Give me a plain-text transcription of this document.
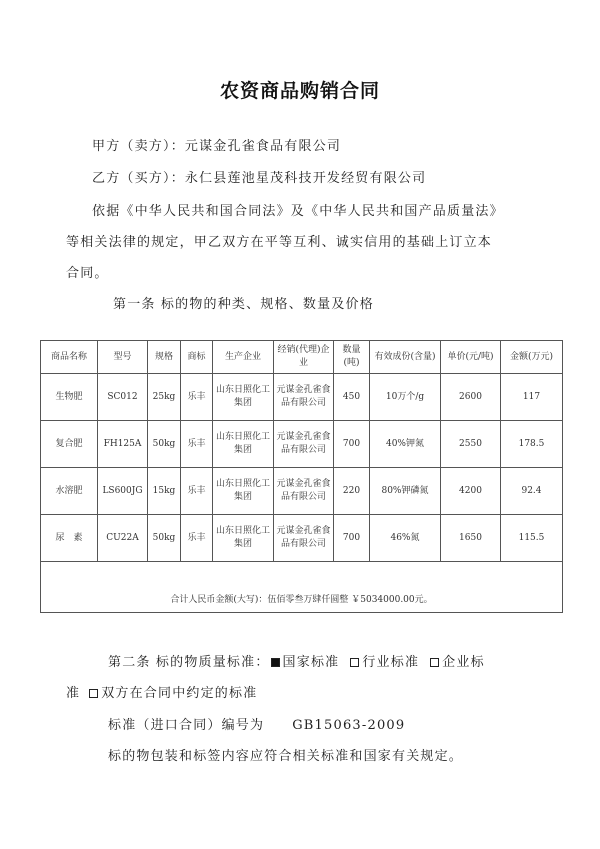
农资商品购销合同
甲方（卖方）：元谋金孔雀食品有限公司
乙方（买方）：永仁县莲池星茂科技开发经贸有限公司
依据《中华人民共和国合同法》及《中华人民共和国产品质量法》
等相关法律的规定，甲乙双方在平等互利、诚实信用的基础上订立本
合同。
第一条 标的物的种类、规格、数量及价格
商品名称	型号	规格	商标	生产企业	经销(代理)企业	数量(吨)	有效成份(含量)	单价(元/吨)	金额(万元)
生物肥	SC012	25kg	乐丰	山东日照化工集团	元谋金孔雀食品有限公司	450	10万个/g	2600	117
复合肥	FH125A	50kg	乐丰	山东日照化工集团	元谋金孔雀食品有限公司	700	40%钾氮	2550	178.5
水溶肥	LS600JG	15kg	乐丰	山东日照化工集团	元谋金孔雀食品有限公司	220	80%钾磷氮	4200	92.4
尿　素	CU22A	50kg	乐丰	山东日照化工集团	元谋金孔雀食品有限公司	700	46%氮	1650	115.5
合计人民币金额(大写)：伍佰零叁万肆仟圆整 ￥5034000.00元。									
第二条 标的物质量标准： 国家标准 行业标准 企业标
准 双方在合同中约定的标准
标准（进口合同）编号为 GB15063-2009
标的物包装和标签内容应符合相关标准和国家有关规定。
